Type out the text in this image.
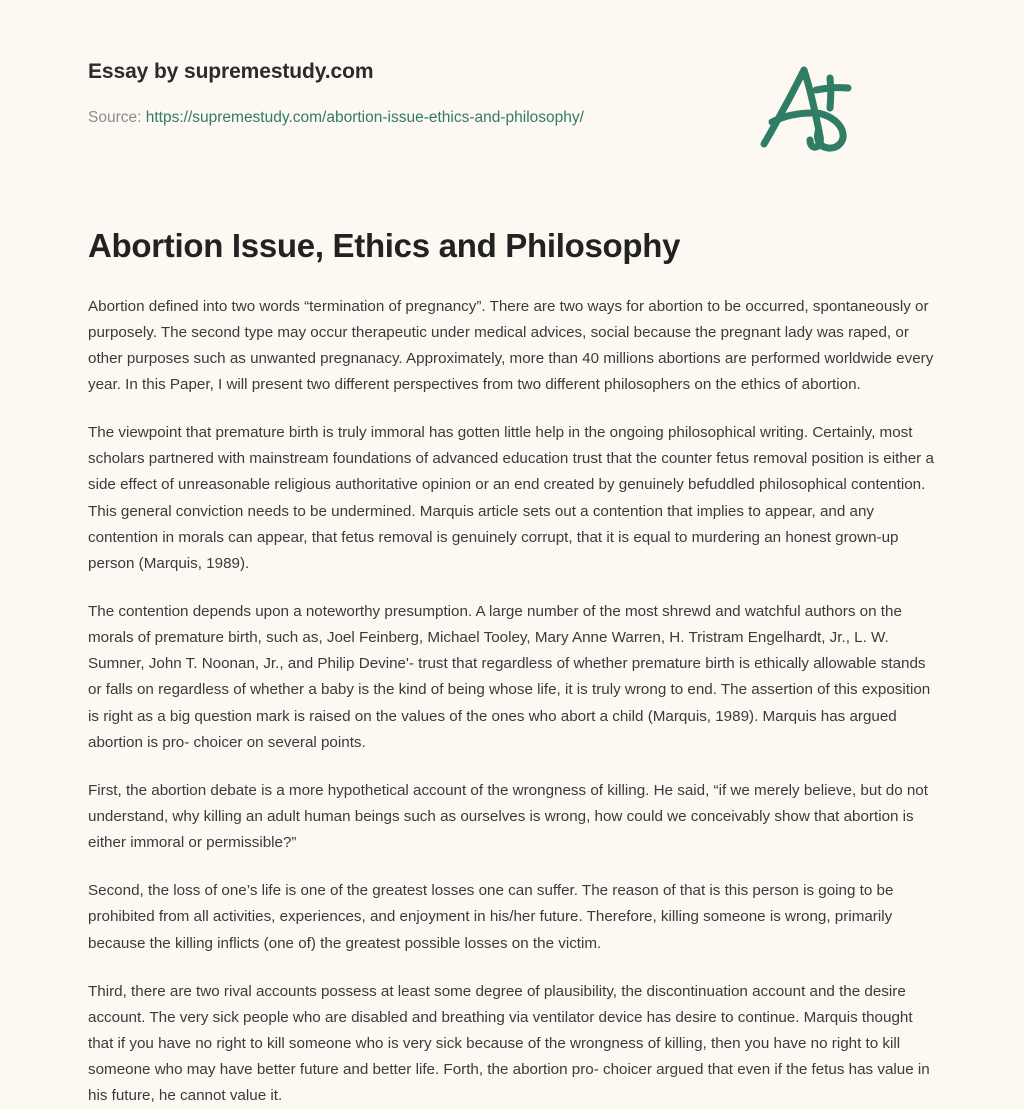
Essay by supremestudy.com
Source: https://supremestudy.com/abortion-issue-ethics-and-philosophy/
Abortion Issue, Ethics and Philosophy

Abortion defined into two words “termination of pregnancy”. There are two ways for abortion to be occurred, spontaneously or purposely. The second type may occur therapeutic under medical advices, social because the pregnant lady was raped, or other purposes such as unwanted pregnanacy. Approximately, more than 40 millions abortions are performed worldwide every year. In this Paper, I will present two different perspectives from two different philosophers on the ethics of abortion.

The viewpoint that premature birth is truly immoral has gotten little help in the ongoing philosophical writing. Certainly, most scholars partnered with mainstream foundations of advanced education trust that the counter fetus removal position is either a side effect of unreasonable religious authoritative opinion or an end created by genuinely befuddled philosophical contention. This general conviction needs to be undermined. Marquis article sets out a contention that implies to appear, and any contention in morals can appear, that fetus removal is genuinely corrupt, that it is equal to murdering an honest grown-up person (Marquis, 1989).

The contention depends upon a noteworthy presumption. A large number of the most shrewd and watchful authors on the morals of premature birth, such as, Joel Feinberg, Michael Tooley, Mary Anne Warren, H. Tristram Engelhardt, Jr., L. W. Sumner, John T. Noonan, Jr., and Philip Devine'- trust that regardless of whether premature birth is ethically allowable stands or falls on regardless of whether a baby is the kind of being whose life, it is truly wrong to end. The assertion of this exposition is right as a big question mark is raised on the values of the ones who abort a child (Marquis, 1989). Marquis has argued abortion is pro- choicer on several points.

First, the abortion debate is a more hypothetical account of the wrongness of killing. He said, “if we merely believe, but do not understand, why killing an adult human beings such as ourselves is wrong, how could we conceivably show that abortion is either immoral or permissible?”

Second, the loss of one’s life is one of the greatest losses one can suffer. The reason of that is this person is going to be prohibited from all activities, experiences, and enjoyment in his/her future. Therefore, killing someone is wrong, primarily because the killing inflicts (one of) the greatest possible losses on the victim.

Third, there are two rival accounts possess at least some degree of plausibility, the discontinuation account and the desire account. The very sick people who are disabled and breathing via ventilator device has desire to continue. Marquis thought that if you have no right to kill someone who is very sick because of the wrongness of killing, then you have no right to kill someone who may have better future and better life. Forth, the abortion pro- choicer argued that even if the fetus has value in his future, he cannot value it.
